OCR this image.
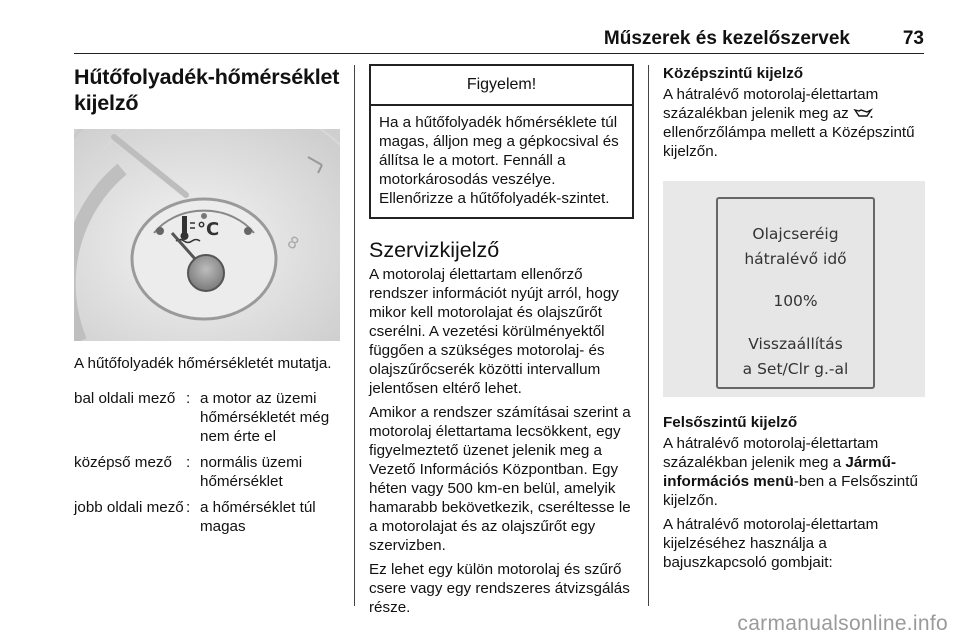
Műszerek és kezelőszervek	73
Hűtőfolyadék-hőmérséklet kijelző
8
°C

A hűtőfolyadék hőmérsékletét mutatja.

bal oldali mező	:	a motor az üzemi hőmérsékletét még nem érte el
középső mező	:	normális üzemi hőmérséklet
jobb oldali mező	:	a hőmérséklet túl magas
Figyelem!

Ha a hűtőfolyadék hőmérséklete túl magas, álljon meg a gépkocsival és állítsa le a motort. Fennáll a motorkárosodás veszélye. Ellenőrizze a hűtőfolyadék-szintet.

Szervizkijelző

A motorolaj élettartam ellenőrző rendszer információt nyújt arról, hogy mikor kell motorolajat és olajszűrőt cserélni. A vezetési körülményektől függően a szükséges motorolaj- és olajszűrőcserék közötti intervallum jelentősen eltérő lehet.

Amikor a rendszer számításai szerint a motorolaj élettartama lecsökkent, egy figyelmeztető üzenet jelenik meg a Vezető Információs Központban. Egy héten vagy 500 km-en belül, amelyik hamarabb bekövetkezik, cseréltesse le a motorolajat és az olajszűrőt egy szervizben.

Ez lehet egy külön motorolaj és szűrő csere vagy egy rendszeres átvizsgálás része.

Középszintű kijelző

A hátralévő motorolaj-élettartam százalékban jelenik meg az  ellenőrzőlámpa mellett a Középszintű kijelzőn.

Olajcseréig
hátralévő idő
100%
Visszaállítás
a Set/Clr g.-al

Felsőszintű kijelző

A hátralévő motorolaj-élettartam százalékban jelenik meg a Jármű-információs menü-ben a Felsőszintű kijelzőn.

A hátralévő motorolaj-élettartam kijelzéséhez használja a bajuszkapcsoló gombjait:

carmanualsonline.info
